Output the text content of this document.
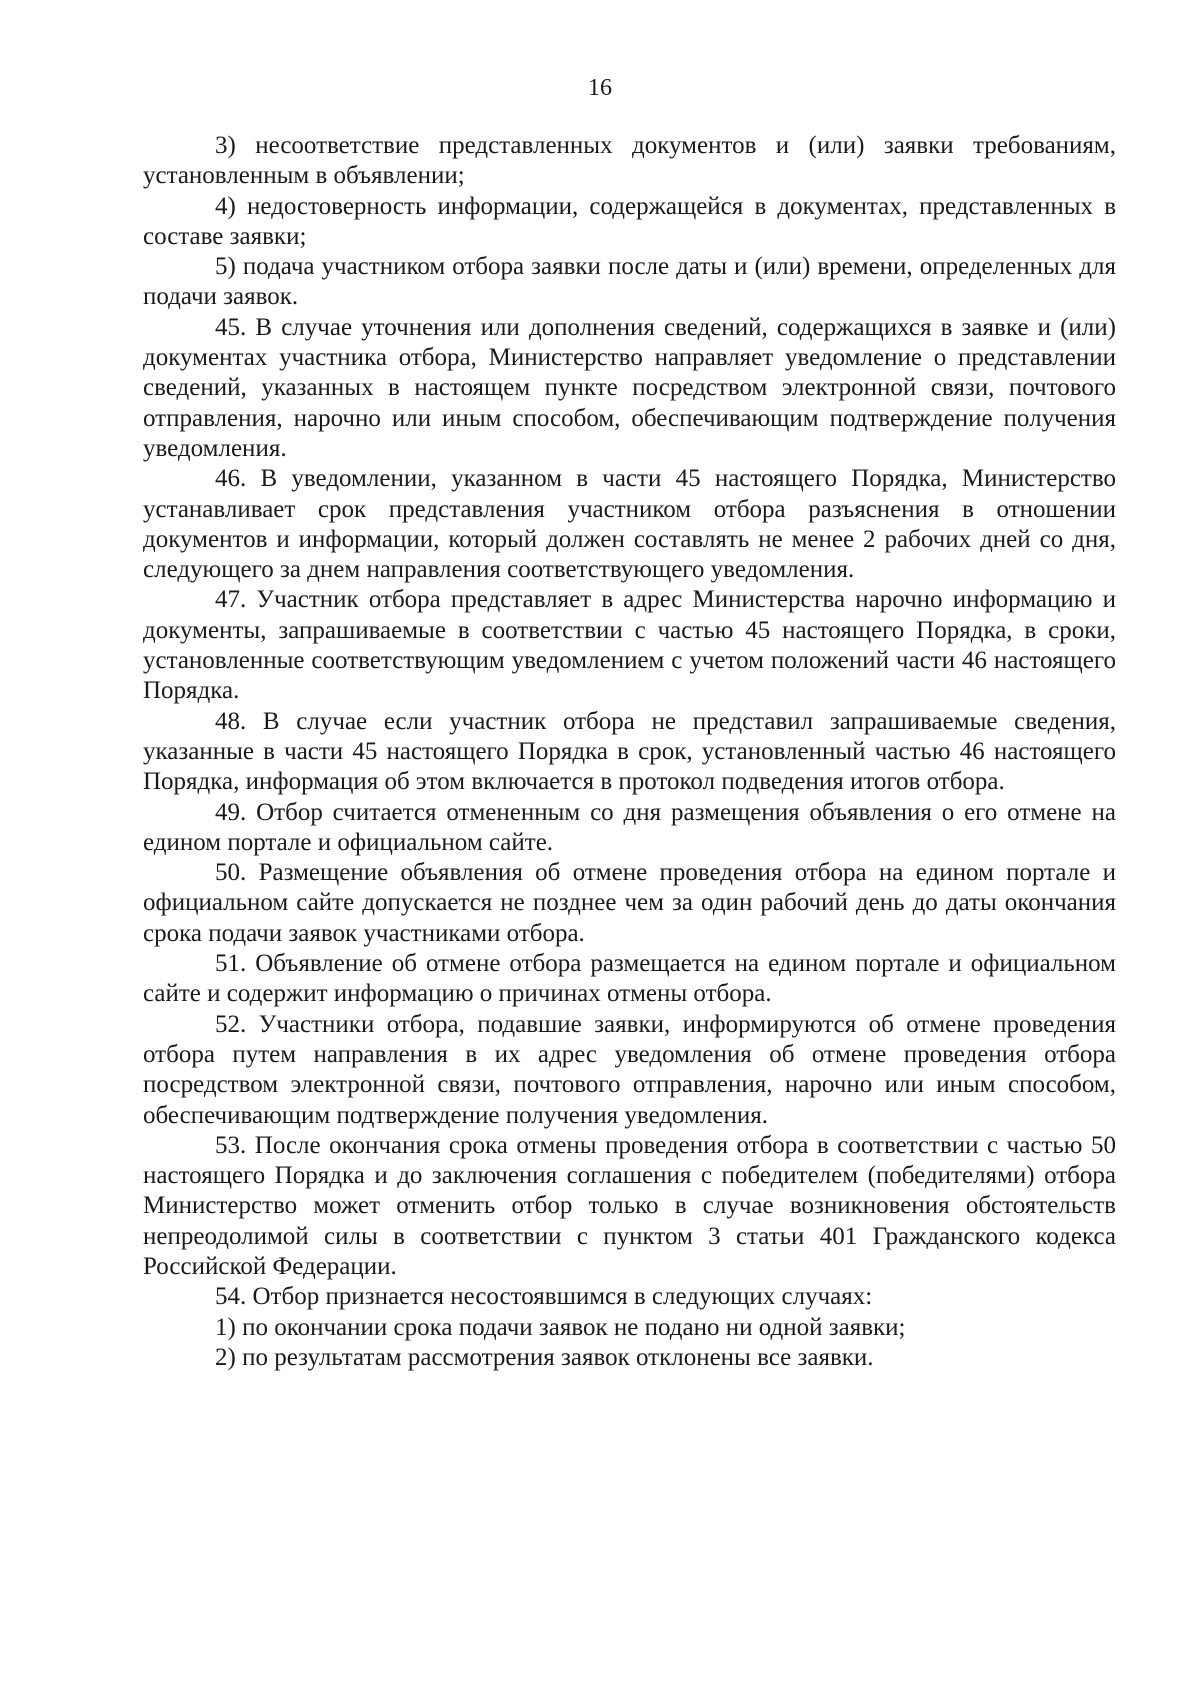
16

3) несоответствие представленных документов и (или) заявки требованиям, установленным в объявлении;

4) недостоверность информации, содержащейся в документах, представленных в составе заявки;

5) подача участником отбора заявки после даты и (или) времени, определенных для подачи заявок.

45. В случае уточнения или дополнения сведений, содержащихся в заявке и (или) документах участника отбора, Министерство направляет уведомление о представлении сведений, указанных в настоящем пункте посредством электронной связи, почтового отправления, нарочно или иным способом, обеспечивающим подтверждение получения уведомления.

46. В уведомлении, указанном в части 45 настоящего Порядка, Министерство устанавливает срок представления участником отбора разъяснения в отношении документов и информации, который должен составлять не менее 2 рабочих дней со дня, следующего за днем направления соответствующего уведомления.

47. Участник отбора представляет в адрес Министерства нарочно информацию и документы, запрашиваемые в соответствии с частью 45 настоящего Порядка, в сроки, установленные соответствующим уведомлением с учетом положений части 46 настоящего Порядка.

48. В случае если участник отбора не представил запрашиваемые сведения, указанные в части 45 настоящего Порядка в срок, установленный частью 46 настоящего Порядка, информация об этом включается в протокол подведения итогов отбора.

49. Отбор считается отмененным со дня размещения объявления о его отмене на едином портале и официальном сайте.

50. Размещение объявления об отмене проведения отбора на едином портале и официальном сайте допускается не позднее чем за один рабочий день до даты окончания срока подачи заявок участниками отбора.

51. Объявление об отмене отбора размещается на едином портале и официальном сайте и содержит информацию о причинах отмены отбора.

52. Участники отбора, подавшие заявки, информируются об отмене проведения отбора путем направления в их адрес уведомления об отмене проведения отбора посредством электронной связи, почтового отправления, нарочно или иным способом, обеспечивающим подтверждение получения уведомления.

53. После окончания срока отмены проведения отбора в соответствии с частью 50 настоящего Порядка и до заключения соглашения с победителем (победителями) отбора Министерство может отменить отбор только в случае возникновения обстоятельств непреодолимой силы в соответствии с пунктом 3 статьи 401 Гражданского кодекса Российской Федерации.

54. Отбор признается несостоявшимся в следующих случаях:

1) по окончании срока подачи заявок не подано ни одной заявки;

2) по результатам рассмотрения заявок отклонены все заявки.
